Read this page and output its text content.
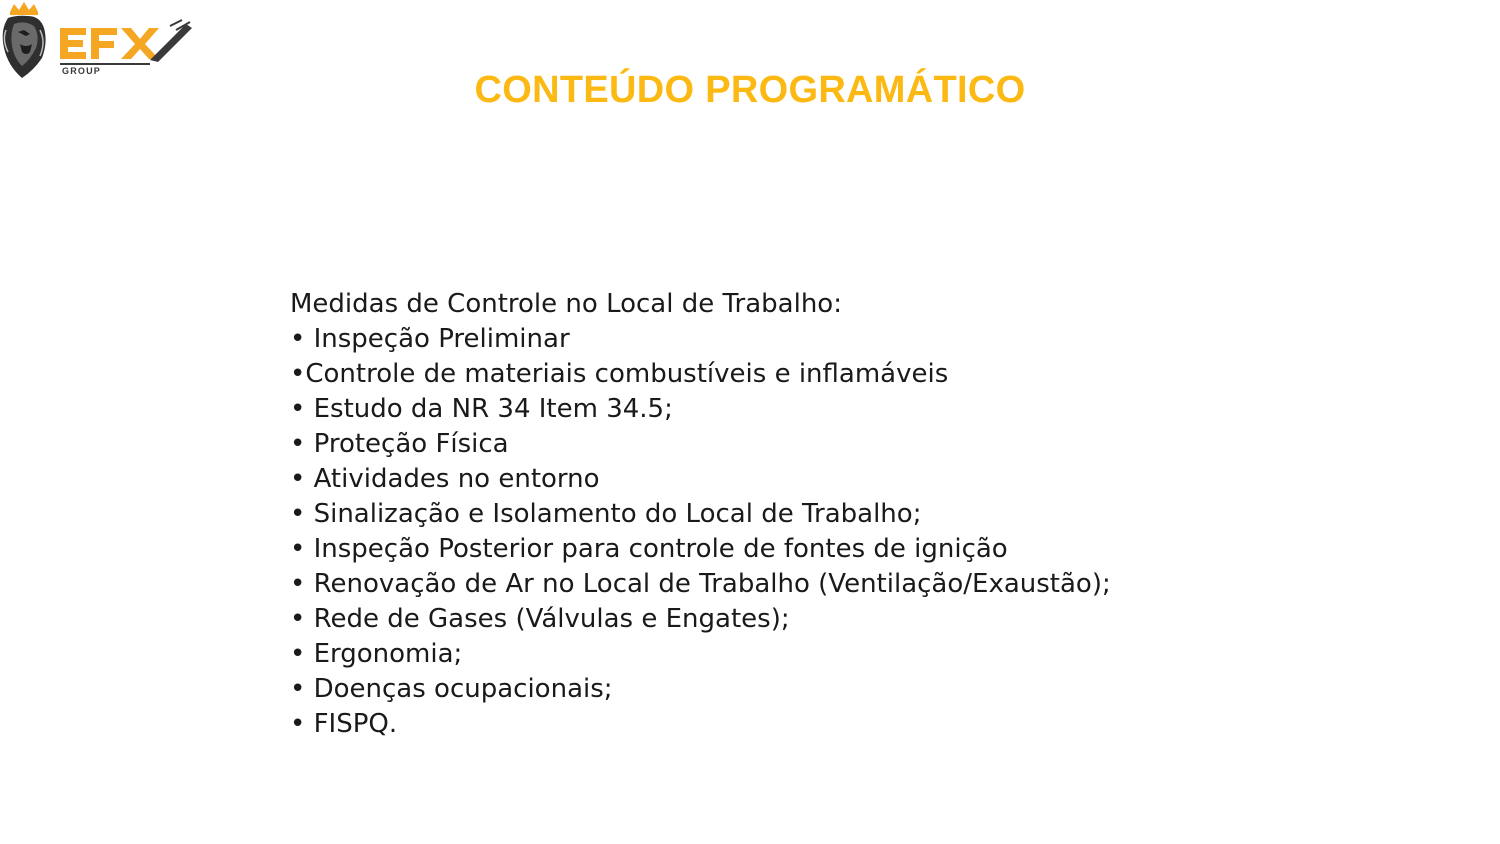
GROUP	CONTEÚDO PROGRAMÁTICO
Medidas de Controle no Local de Trabalho:
• Inspeção Preliminar
•Controle de materiais combustíveis e inflamáveis
• Estudo da NR 34 Item 34.5;
• Proteção Física
• Atividades no entorno
• Sinalização e Isolamento do Local de Trabalho;
• Inspeção Posterior para controle de fontes de ignição
• Renovação de Ar no Local de Trabalho (Ventilação/Exaustão);
• Rede de Gases (Válvulas e Engates);
• Ergonomia;
• Doenças ocupacionais;
• FISPQ.
